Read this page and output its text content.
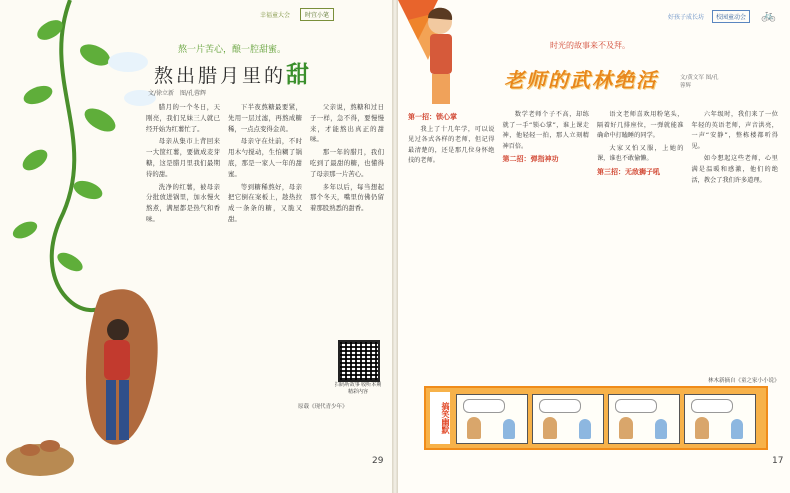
幸福童大会 时宜小笔
熬一片苦心，酿一腔甜蜜。
熬出腊月里的甜
文/徐立新　图/孔蓉辉

腊月的一个冬日，天刚亮，我们兄妹三人就已经开始为红薯忙了。

母亲从集市上背回来一大筐红薯，要做成麦芽糖，这是腊月里我们最期待的甜。

洗净的红薯，被母亲分批放进锅里，加水慢火熬煮，满屋都是热气和香味。

下半夜熬糖最要紧，先用一层过滤，再熬成糖稀，一点点变得金黄。

母亲守在灶前，不时用木勺搅动，生怕糊了锅底，那是一家人一年的甜蜜。

等到糖稀熬好，母亲把它倒在案板上，趁热拉成一条条的糖，又脆又甜。

父亲说，熬糖和过日子一样，急不得，要慢慢来，才能熬出真正的甜味。

那一年的腊月，我们吃到了最甜的糖，也懂得了母亲那一片苦心。

多年以后，每当想起那个冬天，嘴里仿佛仍留着那股熟悉的甜香。

扫码听故事 收听本期精彩内容
原载《现代青少年》
29
好孩子成长坊 校园童动会	🚲
时光的故事来不及拜。
老师的武林绝活	文/黄文军 图/孔蓉辉
第一招：锁心掌

我上了十几年学，可以说见过各式各样的老师，但记得最清楚的，还是那几位身怀绝技的老师。

数学老师个子不高，却练就了一手“锁心掌”，谁上课走神，他轻轻一拍，那人立刻精神百倍。

第二招：弹指神功

语文老师喜欢用粉笔头，隔着好几排座位，一弹就能准确命中打瞌睡的同学。

大家又怕又服，上她的课，谁也不敢偷懒。

第三招：无敌狮子吼

六年级时，我们来了一位年轻的英语老师，声音洪亮，一声“安静”，整栋楼都听得见。

如今想起这些老师，心里满是温暖和感激，他们的绝活，教会了我们许多道理。

林木新摘自《童之家小小说》
搞笑幽默
17
